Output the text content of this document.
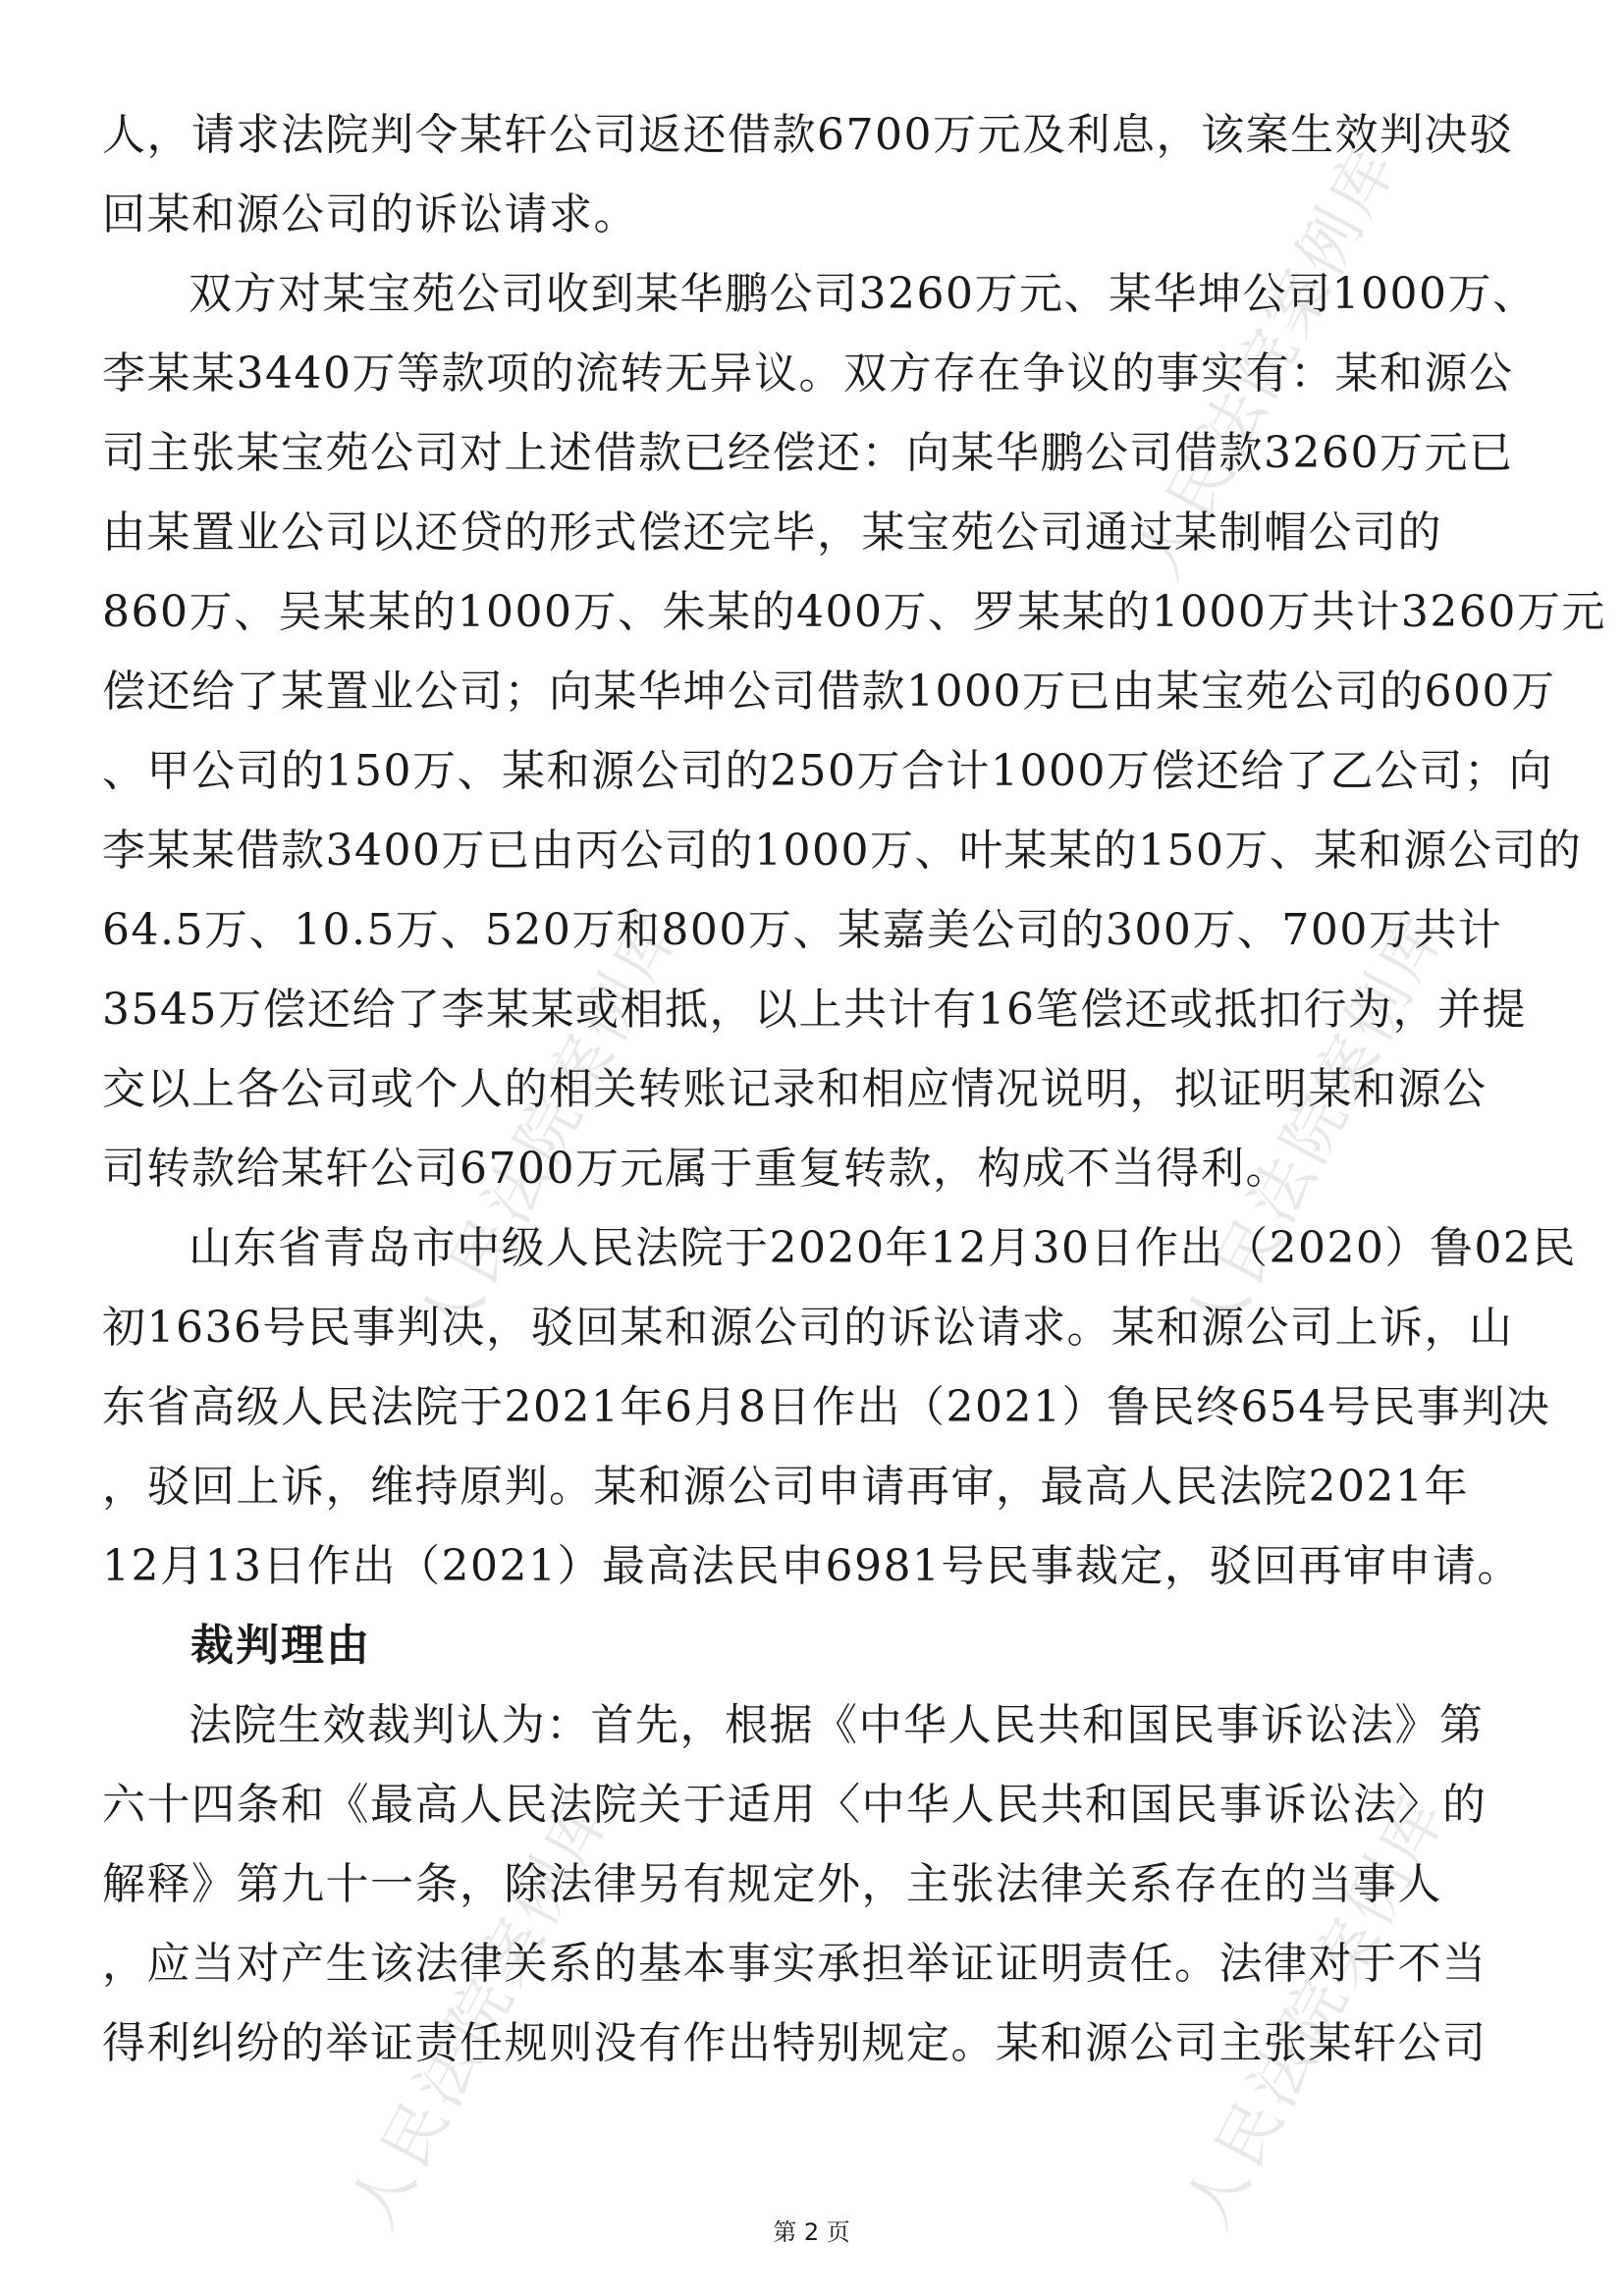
人民法院案例库
人民法院案例库	人民法院案例库
人民法院案例库	人民法院案例库
人，请求法院判令某轩公司返还借款6700万元及利息，该案生效判决驳
回某和源公司的诉讼请求。
双方对某宝苑公司收到某华鹏公司3260万元、某华坤公司1000万、
李某某3440万等款项的流转无异议。双方存在争议的事实有：某和源公
司主张某宝苑公司对上述借款已经偿还：向某华鹏公司借款3260万元已
由某置业公司以还贷的形式偿还完毕，某宝苑公司通过某制帽公司的
860万、吴某某的1000万、朱某的400万、罗某某的1000万共计3260万元
偿还给了某置业公司；向某华坤公司借款1000万已由某宝苑公司的600万
、甲公司的150万、某和源公司的250万合计1000万偿还给了乙公司；向
李某某借款3400万已由丙公司的1000万、叶某某的150万、某和源公司的
64.5万、10.5万、520万和800万、某嘉美公司的300万、700万共计
3545万偿还给了李某某或相抵，以上共计有16笔偿还或抵扣行为，并提
交以上各公司或个人的相关转账记录和相应情况说明，拟证明某和源公
司转款给某轩公司6700万元属于重复转款，构成不当得利。
山东省青岛市中级人民法院于2020年12月30日作出（2020）鲁02民
初1636号民事判决，驳回某和源公司的诉讼请求。某和源公司上诉，山
东省高级人民法院于2021年6月8日作出（2021）鲁民终654号民事判决
，驳回上诉，维持原判。某和源公司申请再审，最高人民法院2021年
12月13日作出（2021）最高法民申6981号民事裁定，驳回再审申请。
裁判理由
法院生效裁判认为：首先，根据《中华人民共和国民事诉讼法》第
六十四条和《最高人民法院关于适用〈中华人民共和国民事诉讼法〉的
解释》第九十一条，除法律另有规定外，主张法律关系存在的当事人
，应当对产生该法律关系的基本事实承担举证证明责任。法律对于不当
得利纠纷的举证责任规则没有作出特别规定。某和源公司主张某轩公司
第 2 页
